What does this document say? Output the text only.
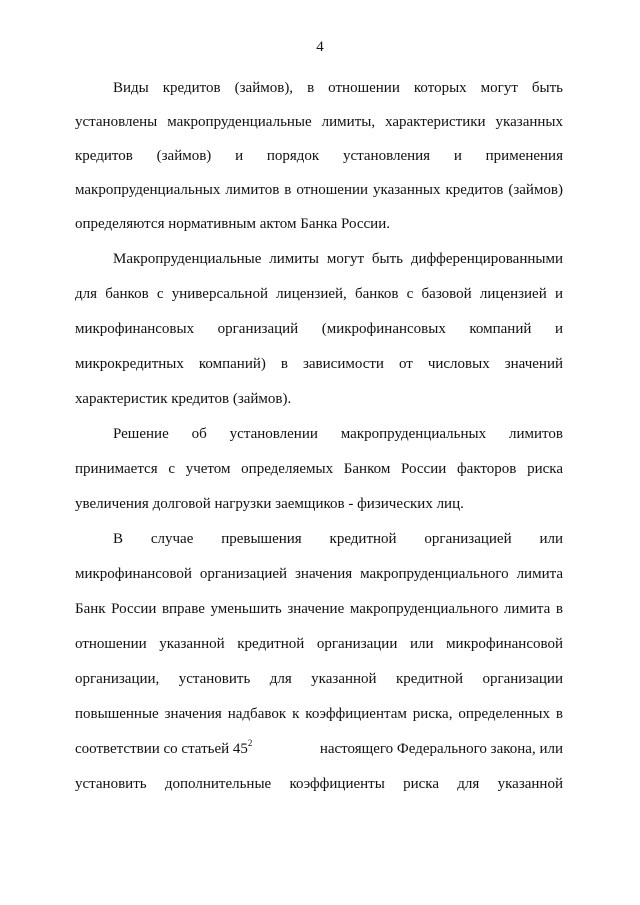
4
Виды кредитов (займов), в отношении которых могут быть
установлены макропруденциальные лимиты, характеристики указанных
кредитов (займов) и порядок установления и применения
макропруденциальных лимитов в отношении указанных кредитов (займов)
определяются нормативным актом Банка России.
Макропруденциальные лимиты могут быть дифференцированными
для банков с универсальной лицензией, банков с базовой лицензией и
микрофинансовых организаций (микрофинансовых компаний и
микрокредитных компаний) в зависимости от числовых значений
характеристик кредитов (займов).
Решение об установлении макропруденциальных лимитов
принимается с учетом определяемых Банком России факторов риска
увеличения долговой нагрузки заемщиков - физических лиц.
В случае превышения кредитной организацией или
микрофинансовой организацией значения макропруденциального лимита
Банк России вправе уменьшить значение макропруденциального лимита в
отношении указанной кредитной организации или микрофинансовой
организации, установить для указанной кредитной организации
повышенные значения надбавок к коэффициентам риска, определенных в
соответствии со статьей $45^2$	настоящего Федерального закона, или
установить дополнительные коэффициенты риска для указанной
